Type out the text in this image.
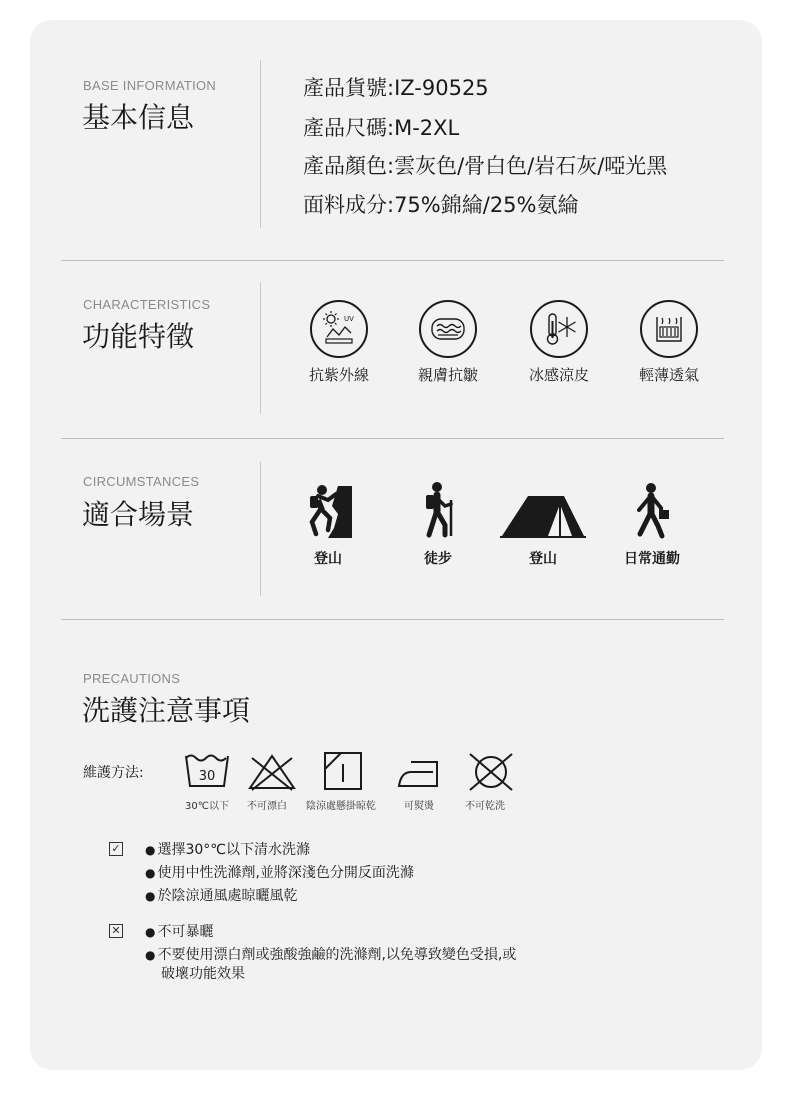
BASE INFORMATION
基本信息
產品貨號:IZ-90525
產品尺碼:M-2XL
產品顏色:雲灰色/骨白色/岩石灰/啞光黑
面料成分:75%錦綸/25%氨綸
CHARACTERISTICS
功能特徵
UV
抗紫外線	親膚抗皺	冰感涼皮	輕薄透氣
CIRCUMSTANCES
適合場景
登山	徒步	登山	日常通勤
PRECAUTIONS
洗護注意事項
維護方法:	30
30℃以下 不可漂白 陰涼處懸掛晾乾	可熨燙	不可乾洗
✓ ● 選擇30°℃以下清水洗滌
● 使用中性洗滌劑,並將深淺色分開反面洗滌
● 於陰涼通風處晾曬風乾
✕ ● 不可暴曬
● 不要使用漂白劑或強酸強鹼的洗滌劑,以免導致變色受損,或
破壞功能效果
